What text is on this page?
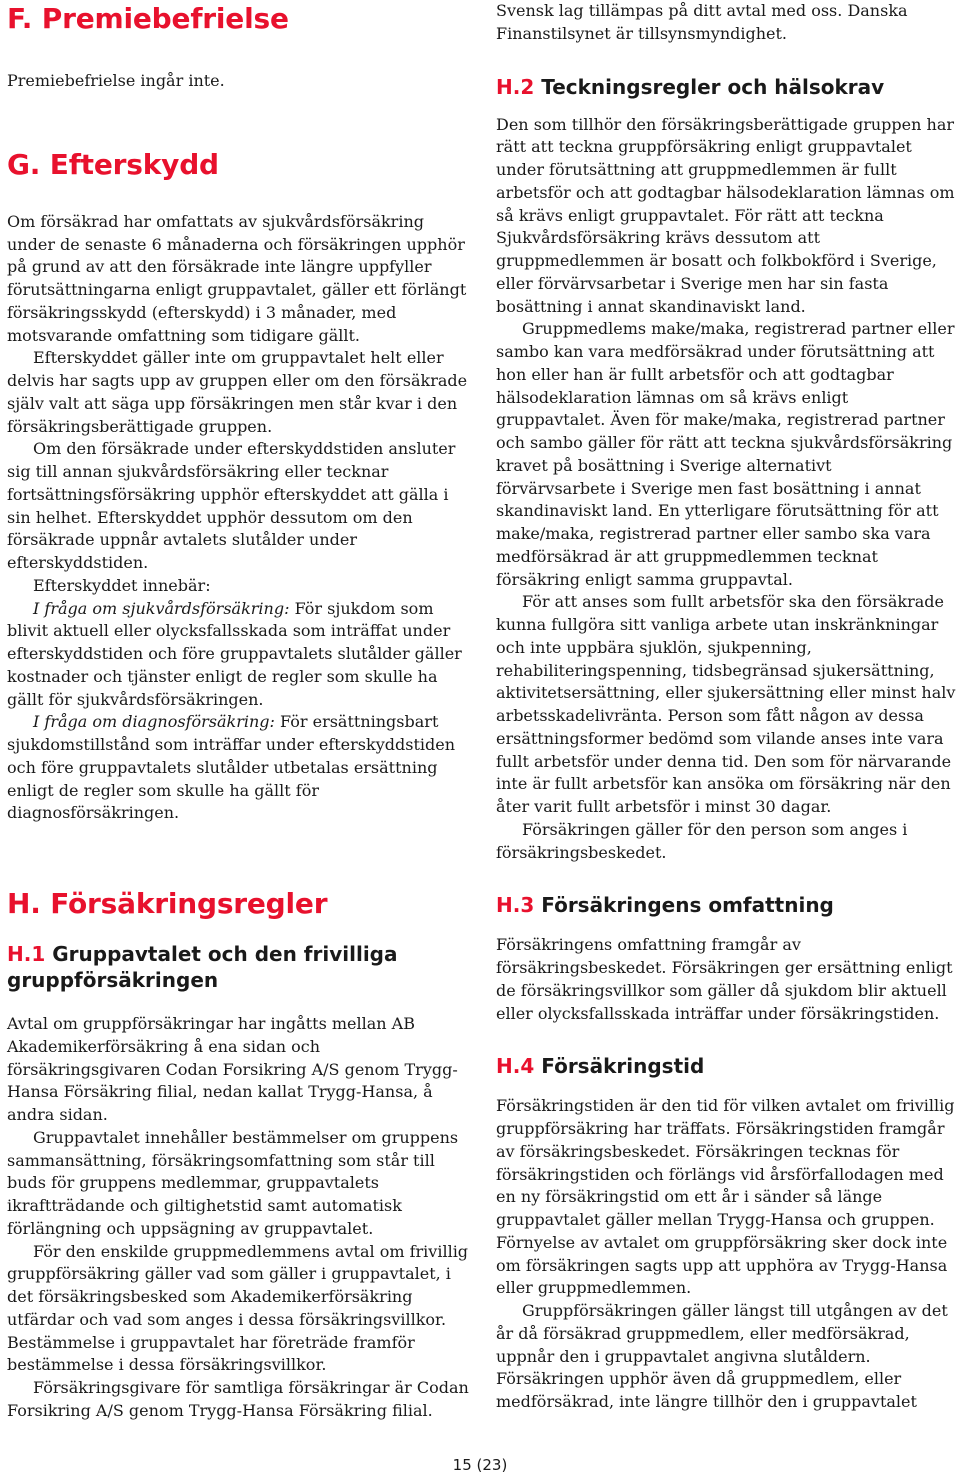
F. Premiebefrielse

Premiebefrielse ingår inte.

G. Efterskydd

Om försäkrad har omfattats av sjukvårdsförsäkring under de senaste 6 månaderna och försäkringen upphör på grund av att den försäkrade inte längre uppfyller förutsättningarna enligt gruppavtalet, gäller ett förlängt försäkringsskydd (efterskydd) i 3 månader, med motsvarande omfattning som tidigare gällt.

Efterskyddet gäller inte om gruppavtalet helt eller delvis har sagts upp av gruppen eller om den försäkrade själv valt att säga upp försäkringen men står kvar i den försäkringsberättigade gruppen.

Om den försäkrade under efterskyddstiden ansluter sig till annan sjukvårdsförsäkring eller tecknar fortsättningsförsäkring upphör efterskyddet att gälla i sin helhet. Efterskyddet upphör dessutom om den försäkrade uppnår avtalets slutålder under efterskyddstiden.

Efterskyddet innebär:

I fråga om sjukvårdsförsäkring: För sjukdom som blivit aktuell eller olycksfallsskada som inträffat under efterskyddstiden och före gruppavtalets slutålder gäller kostnader och tjänster enligt de regler som skulle ha gällt för sjukvårdsförsäkringen.

I fråga om diagnosförsäkring: För ersättningsbart sjukdomstillstånd som inträffar under efterskyddstiden och före gruppavtalets slutålder utbetalas ersättning enligt de regler som skulle ha gällt för diagnosförsäkringen.

H. Försäkringsregler
H.1 Gruppavtalet och den frivilliga gruppförsäkringen

Avtal om gruppförsäkringar har ingåtts mellan AB Akademikerförsäkring å ena sidan och försäkringsgivaren Codan Forsikring A/S genom Trygg-Hansa Försäkring filial, nedan kallat Trygg-Hansa, å andra sidan.

Gruppavtalet innehåller bestämmelser om gruppens sammansättning, försäkringsomfattning som står till buds för gruppens medlemmar, gruppavtalets ikraftträdande och giltighetstid samt automatisk förlängning och uppsägning av gruppavtalet.

För den enskilde gruppmedlemmens avtal om frivillig gruppförsäkring gäller vad som gäller i gruppavtalet, i det försäkringsbesked som Akademikerförsäkring utfärdar och vad som anges i dessa försäkringsvillkor. Bestämmelse i gruppavtalet har företräde framför bestämmelse i dessa försäkringsvillkor.

Försäkringsgivare för samtliga försäkringar är Codan Forsikring A/S genom Trygg-Hansa Försäkring filial.

Svensk lag tillämpas på ditt avtal med oss. Danska Finanstilsynet är tillsynsmyndighet.

H.2 Teckningsregler och hälsokrav

Den som tillhör den försäkringsberättigade gruppen har rätt att teckna gruppförsäkring enligt gruppavtalet under förutsättning att gruppmedlemmen är fullt arbetsför och att godtagbar hälsodeklaration lämnas om så krävs enligt gruppavtalet. För rätt att teckna Sjukvårdsförsäkring krävs dessutom att gruppmedlemmen är bosatt och folkbokförd i Sverige, eller förvärvsarbetar i Sverige men har sin fasta bosättning i annat skandinaviskt land.

Gruppmedlems make/maka, registrerad partner eller sambo kan vara medförsäkrad under förutsättning att hon eller han är fullt arbetsför och att godtagbar hälsodeklaration lämnas om så krävs enligt gruppavtalet. Även för make/maka, registrerad partner och sambo gäller för rätt att teckna sjukvårdsförsäkring kravet på bosättning i Sverige alternativt förvärvsarbete i Sverige men fast bosättning i annat skandinaviskt land. En ytterligare förutsättning för att make/maka, registrerad partner eller sambo ska vara medförsäkrad är att gruppmedlemmen tecknat försäkring enligt samma gruppavtal.

För att anses som fullt arbetsför ska den försäkrade kunna fullgöra sitt vanliga arbete utan inskränkningar och inte uppbära sjuklön, sjukpenning, rehabiliteringspenning, tidsbegränsad sjukersättning, aktivitetsersättning, eller sjukersättning eller minst halv arbetsskadelivränta. Person som fått någon av dessa ersättningsformer bedömd som vilande anses inte vara fullt arbetsför under denna tid. Den som för närvarande inte är fullt arbetsför kan ansöka om försäkring när den åter varit fullt arbetsför i minst 30 dagar.

Försäkringen gäller för den person som anges i försäkringsbeskedet.

H.3 Försäkringens omfattning

Försäkringens omfattning framgår av försäkringsbeskedet. Försäkringen ger ersättning enligt de försäkringsvillkor som gäller då sjukdom blir aktuell eller olycksfallsskada inträffar under försäkringstiden.

H.4 Försäkringstid

Försäkringstiden är den tid för vilken avtalet om frivillig gruppförsäkring har träffats. Försäkringstiden framgår av försäkringsbeskedet. Försäkringen tecknas för försäkringstiden och förlängs vid årsförfallodagen med en ny försäkringstid om ett år i sänder så länge gruppavtalet gäller mellan Trygg-Hansa och gruppen. Förnyelse av avtalet om gruppförsäkring sker dock inte om försäkringen sagts upp att upphöra av Trygg-Hansa eller gruppmedlemmen.

Gruppförsäkringen gäller längst till utgången av det år då försäkrad gruppmedlem, eller medförsäkrad, uppnår den i gruppavtalet angivna slutåldern. Försäkringen upphör även då gruppmedlem, eller medförsäkrad, inte längre tillhör den i gruppavtalet

15 (23)
